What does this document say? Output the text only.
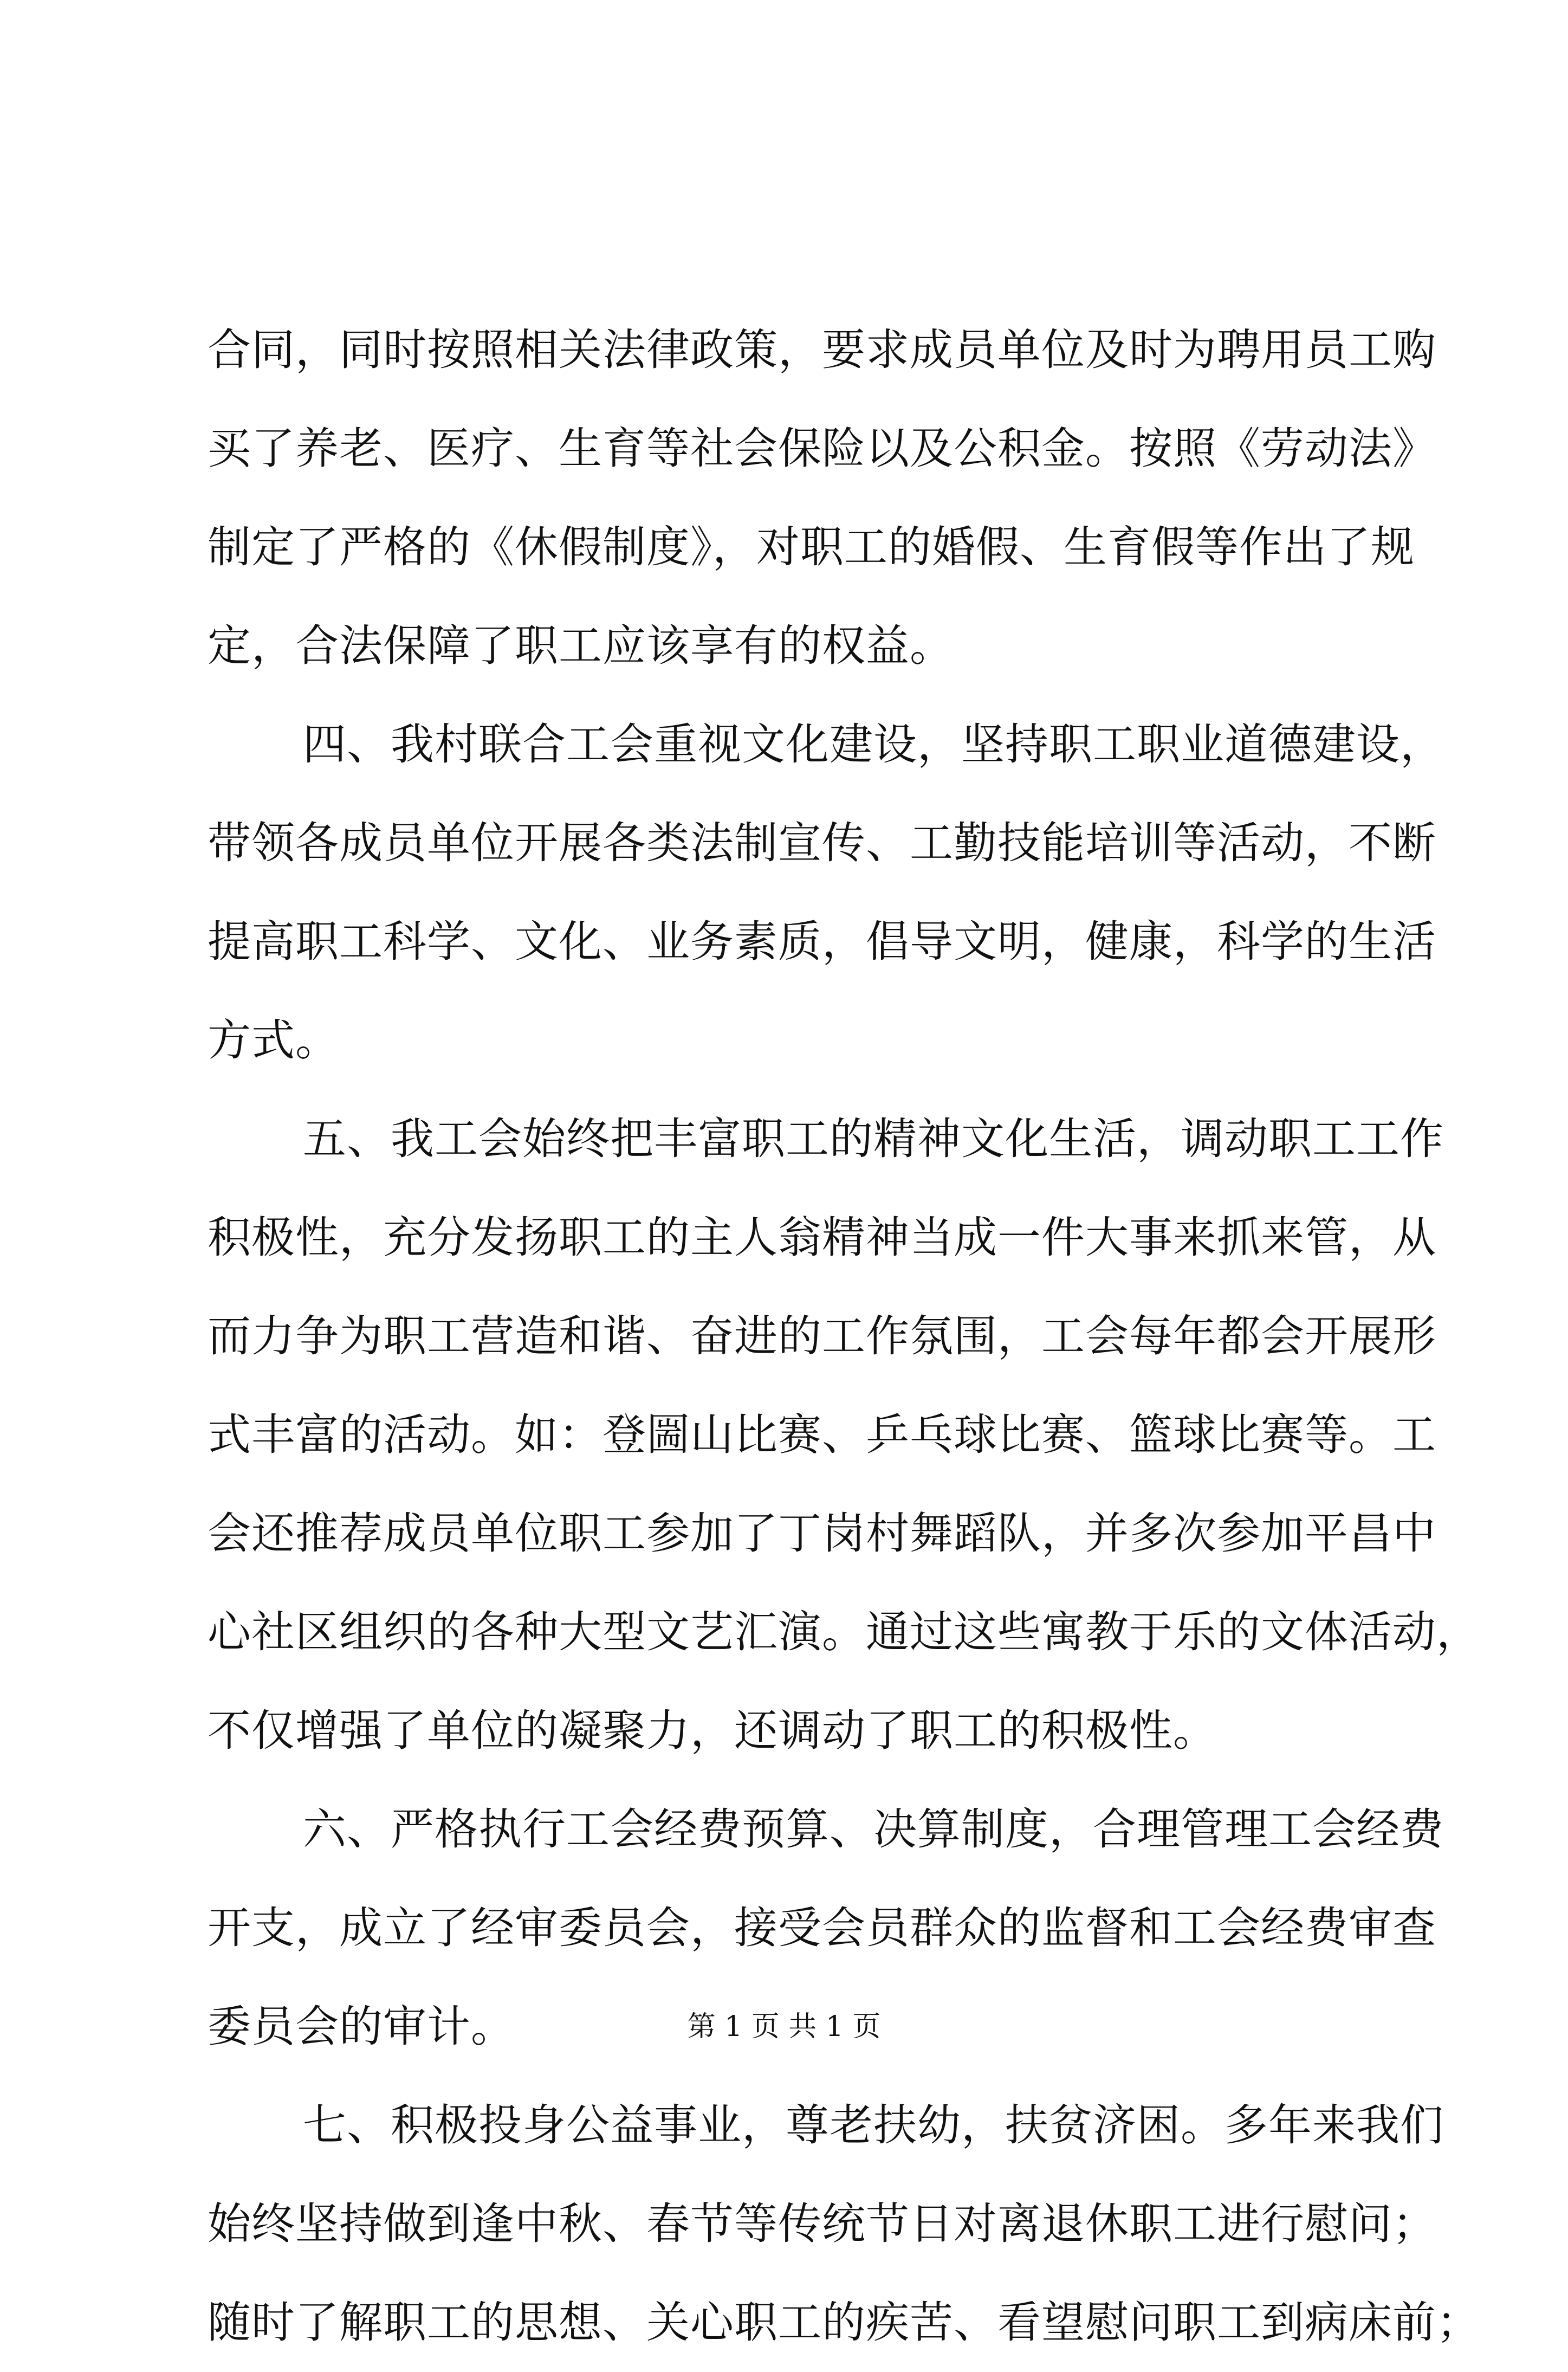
合同，同时按照相关法律政策，要求成员单位及时为聘用员工购
买了养老、医疗、生育等社会保险以及公积金。按照《劳动法》
制定了严格的《休假制度》，对职工的婚假、生育假等作出了规
定，合法保障了职工应该享有的权益。
四、我村联合工会重视文化建设，坚持职工职业道德建设，
带领各成员单位开展各类法制宣传、工勤技能培训等活动，不断
提高职工科学、文化、业务素质，倡导文明，健康，科学的生活
方式。
五、我工会始终把丰富职工的精神文化生活，调动职工工作
积极性，充分发扬职工的主人翁精神当成一件大事来抓来管，从
而力争为职工营造和谐、奋进的工作氛围，工会每年都会开展形
式丰富的活动。如：登圌山比赛、乒乓球比赛、篮球比赛等。工
会还推荐成员单位职工参加了丁岗村舞蹈队，并多次参加平昌中
心社区组织的各种大型文艺汇演。通过这些寓教于乐的文体活动，
不仅增强了单位的凝聚力，还调动了职工的积极性。
六、严格执行工会经费预算、决算制度，合理管理工会经费
开支，成立了经审委员会，接受会员群众的监督和工会经费审查
委员会的审计。
七、积极投身公益事业，尊老扶幼，扶贫济困。多年来我们
始终坚持做到逢中秋、春节等传统节日对离退休职工进行慰问；
随时了解职工的思想、关心职工的疾苦、看望慰问职工到病床前；
第 1 页 共 1 页
